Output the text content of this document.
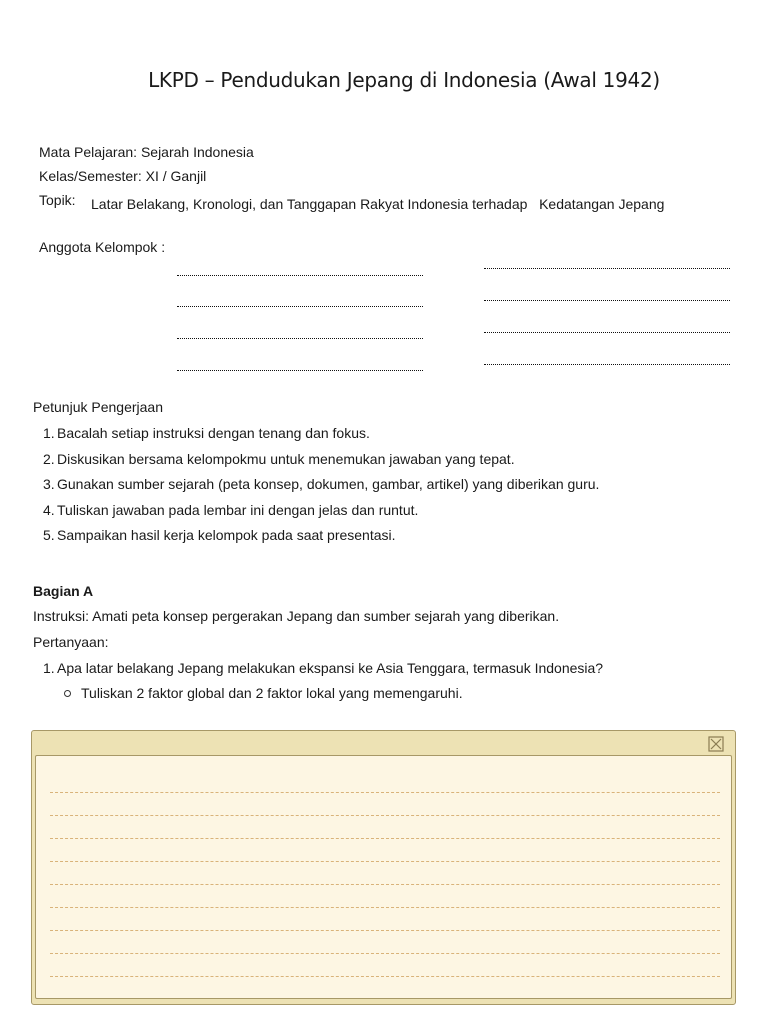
LKPD – Pendudukan Jepang di Indonesia (Awal 1942)
Mata Pelajaran: Sejarah Indonesia
Kelas/Semester: XI / Ganjil
Topik: Latar Belakang, Kronologi, dan Tanggapan Rakyat Indonesia terhadap   Kedatangan Jepang
Anggota Kelompok :
Petunjuk Pengerjaan
1. Bacalah setiap instruksi dengan tenang dan fokus.
2. Diskusikan bersama kelompokmu untuk menemukan jawaban yang tepat.
3. Gunakan sumber sejarah (peta konsep, dokumen, gambar, artikel) yang diberikan guru.
4. Tuliskan jawaban pada lembar ini dengan jelas dan runtut.
5. Sampaikan hasil kerja kelompok pada saat presentasi.
Bagian A
Instruksi: Amati peta konsep pergerakan Jepang dan sumber sejarah yang diberikan.
Pertanyaan:
1. Apa latar belakang Jepang melakukan ekspansi ke Asia Tenggara, termasuk Indonesia?
Tuliskan 2 faktor global dan 2 faktor lokal yang memengaruhi.
